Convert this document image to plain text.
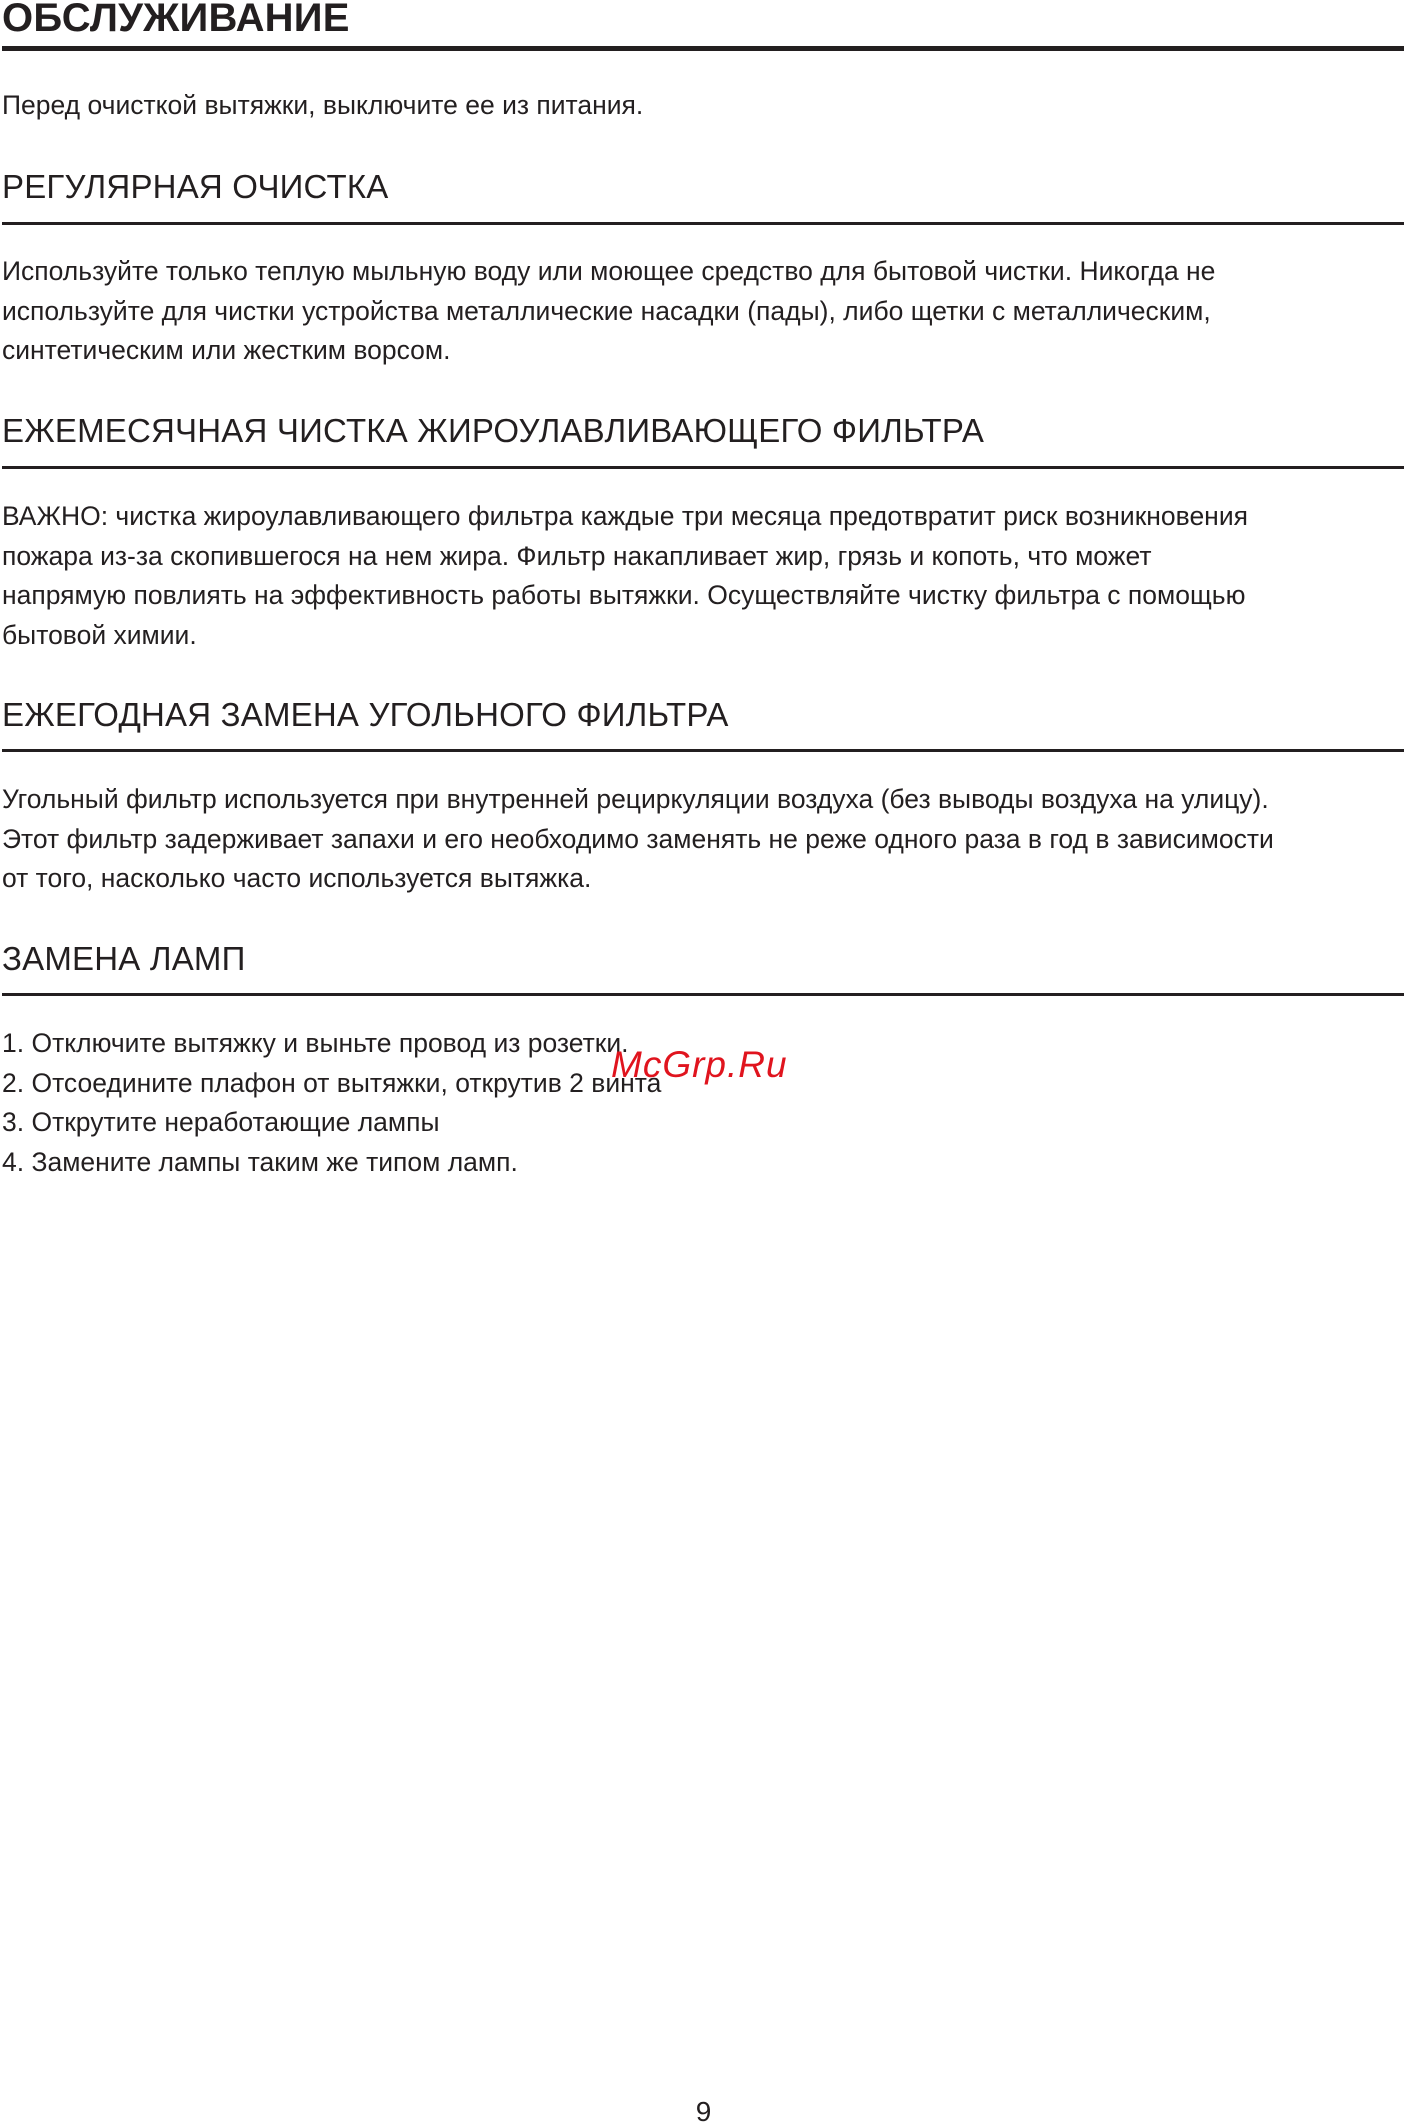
ОБСЛУЖИВАНИЕ

Перед очисткой вытяжки, выключите ее из питания.

РЕГУЛЯРНАЯ ОЧИСТКА

Используйте только теплую мыльную воду или моющее средство для бытовой чистки. Никогда не
используйте для чистки устройства металлические насадки (пады), либо щетки с металлическим,
синтетическим или жестким ворсом.

ЕЖЕМЕСЯЧНАЯ ЧИСТКА ЖИРОУЛАВЛИВАЮЩЕГО ФИЛЬТРА

ВАЖНО: чистка жироулавливающего фильтра каждые три месяца предотвратит риск возникновения
пожара из-за скопившегося на нем жира. Фильтр накапливает жир, грязь и копоть, что может
напрямую повлиять на эффективность работы вытяжки. Осуществляйте чистку фильтра с помощью
бытовой химии.

ЕЖЕГОДНАЯ ЗАМЕНА УГОЛЬНОГО ФИЛЬТРА

Угольный фильтр используется при внутренней рециркуляции воздуха (без выводы воздуха на улицу).
Этот фильтр задерживает запахи и его необходимо заменять не реже одного раза в год в зависимости
от того, насколько часто используется вытяжка.

ЗАМЕНА ЛАМП
1. Отключите вытяжку и выньте провод из розетки.
2. Отсоедините плафон от вытяжки, открутив 2 винта
3. Открутите неработающие лампы
4. Замените лампы таким же типом ламп.
McGrp.Ru
9
